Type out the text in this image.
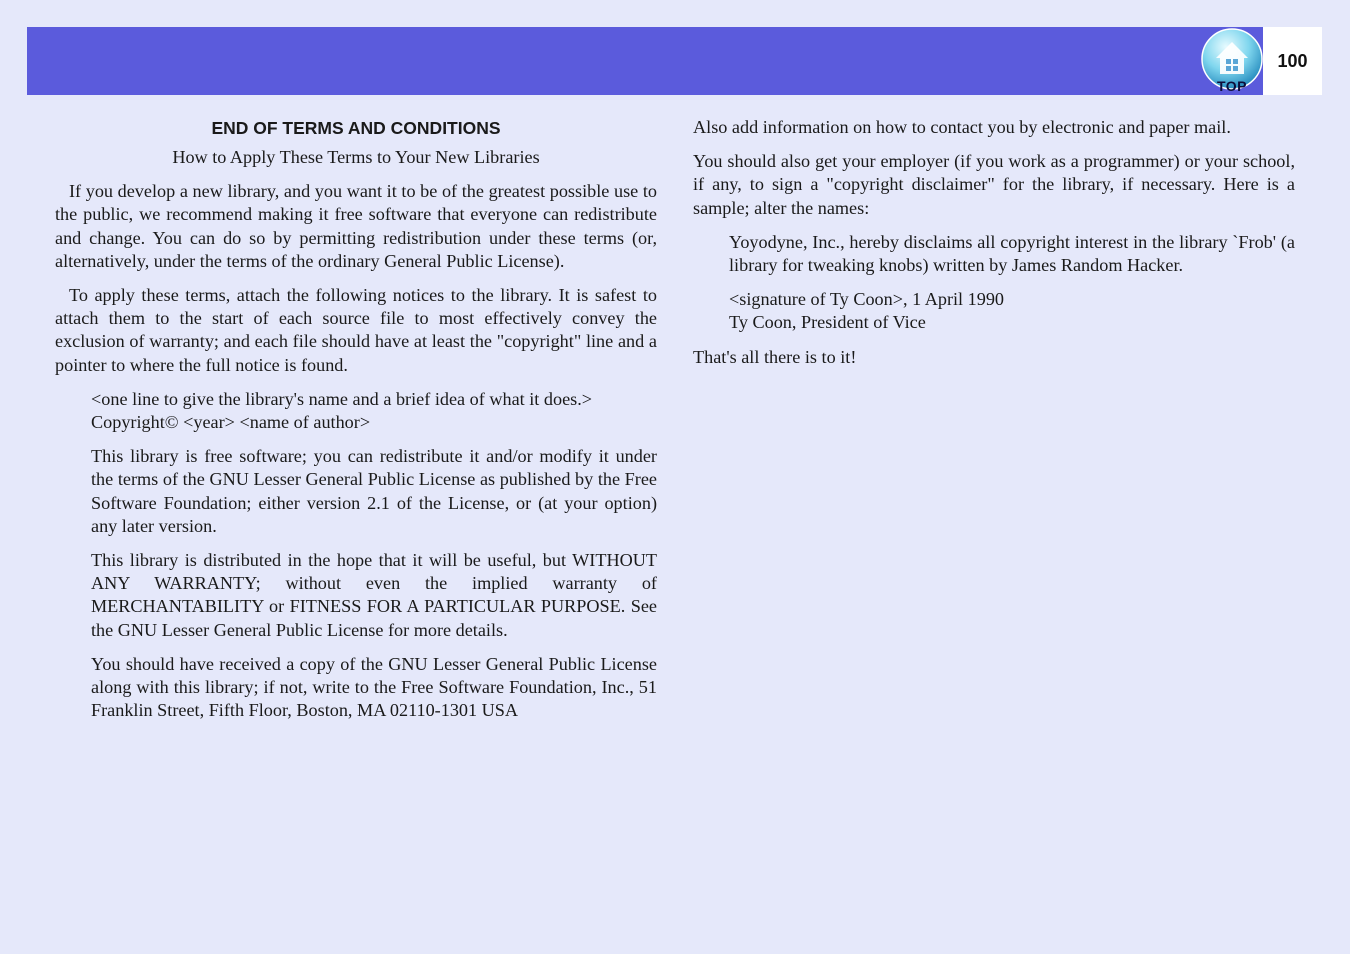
TOP
100
END OF TERMS AND CONDITIONS
How to Apply These Terms to Your New Libraries

If you develop a new library, and you want it to be of the greatest possible use to the public, we recommend making it free software that everyone can redistribute and change. You can do so by permitting redistribution under these terms (or, alternatively, under the terms of the ordinary General Public License).

To apply these terms, attach the following notices to the library. It is safest to attach them to the start of each source file to most effectively convey the exclusion of warranty; and each file should have at least the "copyright" line and a pointer to where the full notice is found.

<one line to give the library's name and a brief idea of what it does.>
Copyright© <year> <name of author>

This library is free software; you can redistribute it and/or modify it under the terms of the GNU Lesser General Public License as published by the Free Software Foundation; either version 2.1 of the License, or (at your option) any later version.

This library is distributed in the hope that it will be useful, but WITHOUT ANY WARRANTY; without even the implied warranty of MERCHANTABILITY or FITNESS FOR A PARTICULAR PURPOSE. See the GNU Lesser General Public License for more details.

You should have received a copy of the GNU Lesser General Public License along with this library; if not, write to the Free Software Foundation, Inc., 51 Franklin Street, Fifth Floor, Boston, MA 02110-1301 USA

Also add information on how to contact you by electronic and paper mail.

You should also get your employer (if you work as a programmer) or your school, if any, to sign a "copyright disclaimer" for the library, if necessary. Here is a sample; alter the names:

Yoyodyne, Inc., hereby disclaims all copyright interest in the library `Frob' (a library for tweaking knobs) written by James Random Hacker.

<signature of Ty Coon>, 1 April 1990
Ty Coon, President of Vice

That's all there is to it!
